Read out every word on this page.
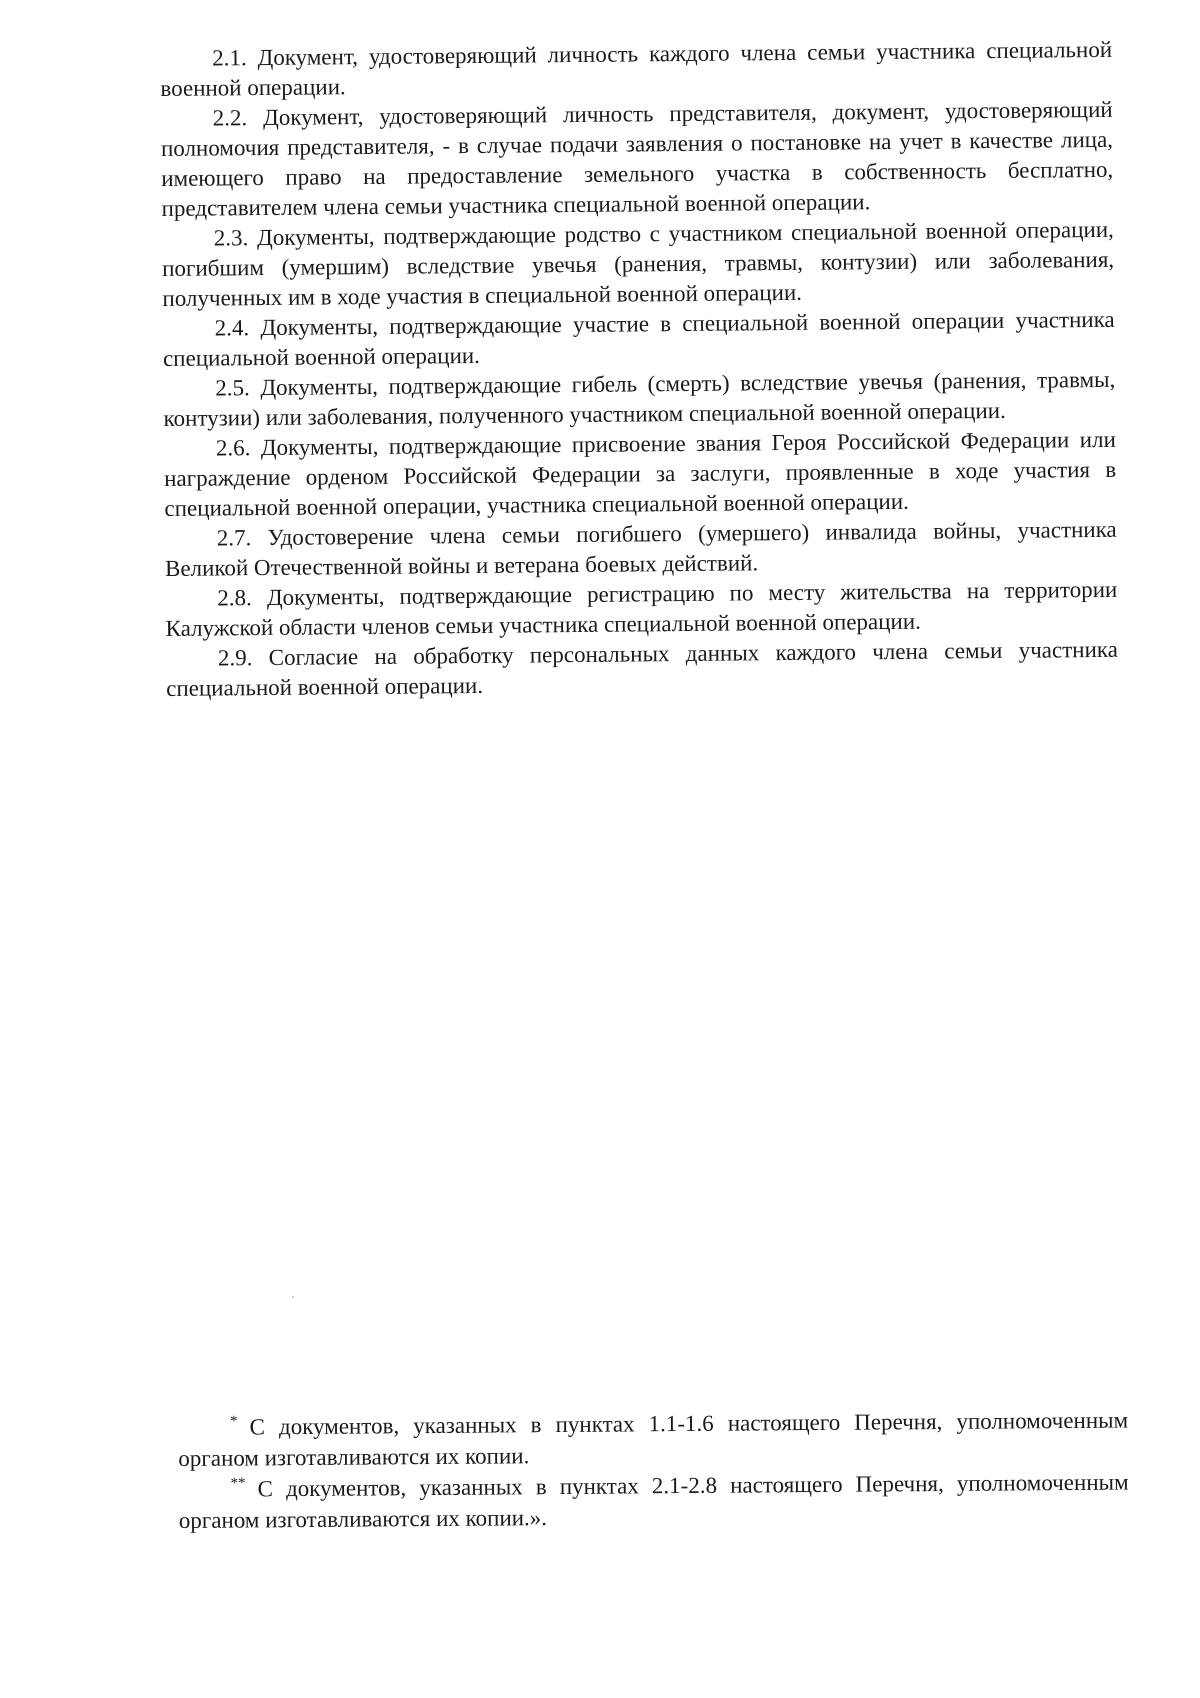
2.1. Документ, удостоверяющий личность каждого члена семьи участника специальной военной операции.

2.2. Документ, удостоверяющий личность представителя, документ, удостоверяющий полномочия представителя, - в случае подачи заявления о постановке на учет в качестве лица, имеющего право на предоставление земельного участка в собственность бесплатно, представителем члена семьи участника специальной военной операции.

2.3. Документы, подтверждающие родство с участником специальной военной операции, погибшим (умершим) вследствие увечья (ранения, травмы, контузии) или заболевания, полученных им в ходе участия в специальной военной операции.

2.4. Документы, подтверждающие участие в специальной военной операции участника специальной военной операции.

2.5. Документы, подтверждающие гибель (смерть) вследствие увечья (ранения, травмы, контузии) или заболевания, полученного участником специальной военной операции.

2.6. Документы, подтверждающие присвоение звания Героя Российской Федерации или награждение орденом Российской Федерации за заслуги, проявленные в ходе участия в специальной военной операции, участника специальной военной операции.

2.7. Удостоверение члена семьи погибшего (умершего) инвалида войны, участника Великой Отечественной войны и ветерана боевых действий.

2.8. Документы, подтверждающие регистрацию по месту жительства на территории Калужской области членов семьи участника специальной военной операции.

2.9. Согласие на обработку персональных данных каждого члена семьи участника специальной военной операции.

* С документов, указанных в пунктах 1.1-1.6 настоящего Перечня, уполномоченным органом изготавливаются их копии.

** С документов, указанных в пунктах 2.1-2.8 настоящего Перечня, уполномоченным органом изготавливаются их копии.».
